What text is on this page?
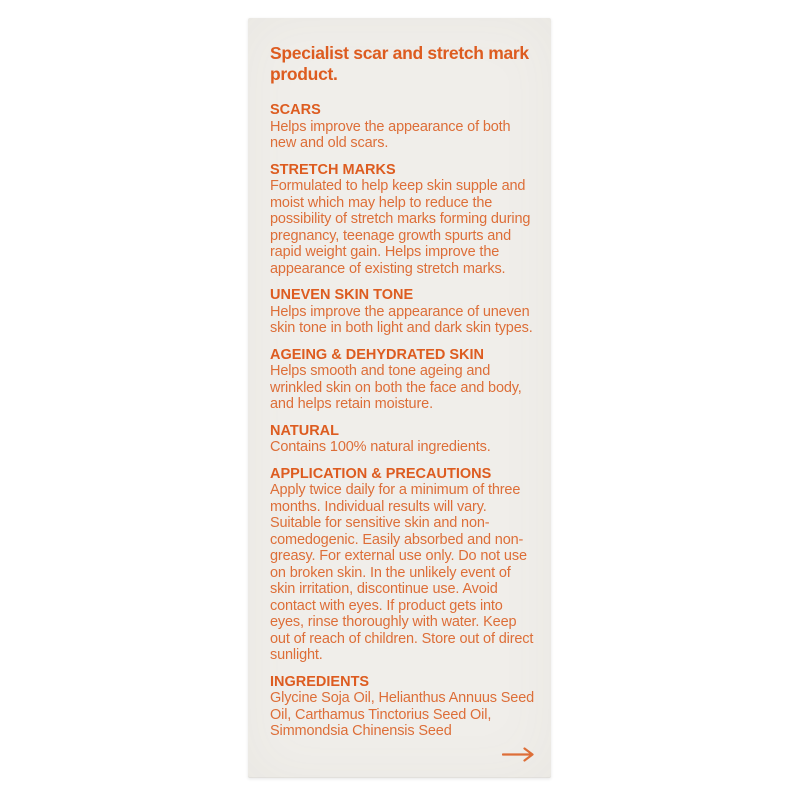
Specialist scar and stretch mark product.
SCARS

Helps improve the appearance of both new and old scars.

STRETCH MARKS

Formulated to help keep skin supple and moist which may help to reduce the possibility of stretch marks forming during pregnancy, teenage growth spurts and rapid weight gain. Helps improve the appearance of existing stretch marks.

UNEVEN SKIN TONE

Helps improve the appearance of uneven skin tone in both light and dark skin types.

AGEING & DEHYDRATED SKIN

Helps smooth and tone ageing and wrinkled skin on both the face and body, and helps retain moisture.

NATURAL

Contains 100% natural ingredients.

APPLICATION & PRECAUTIONS

Apply twice daily for a minimum of three months. Individual results will vary. Suitable for sensitive skin and non-comedogenic. Easily absorbed and non-greasy. For external use only. Do not use on broken skin. In the unlikely event of skin irritation, discontinue use. Avoid contact with eyes. If product gets into eyes, rinse thoroughly with water. Keep out of reach of children. Store out of direct sunlight.

INGREDIENTS

Glycine Soja Oil, Helianthus Annuus Seed Oil, Carthamus Tinctorius Seed Oil, Simmondsia Chinensis Seed
